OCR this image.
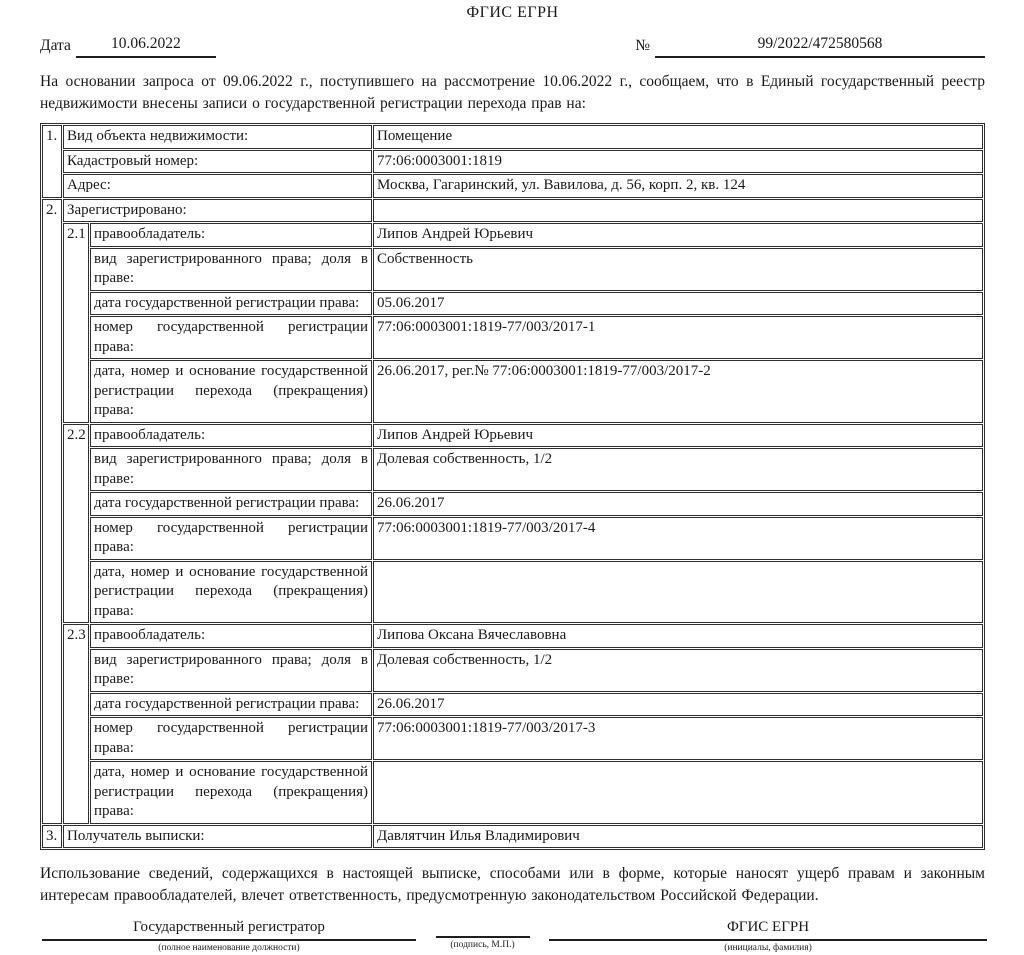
ФГИС ЕГРН
Дата	10.06.2022	№	99/2022/472580568
На основании запроса от 09.06.2022 г., поступившего на рассмотрение 10.06.2022 г., сообщаем, что в Единый государственный реестр недвижимости внесены записи о государственной регистрации перехода прав на:
1.	Вид объекта недвижимости:		Помещение
	Кадастровый номер:		77:06:0003001:1819
	Адрес:		Москва, Гагаринский, ул. Вавилова, д. 56, корп. 2, кв. 124
2.	Зарегистрировано:		
	2.1	правообладатель:	Липов Андрей Юрьевич
		вид зарегистрированного права; доля в праве:	Собственность
		дата государственной регистрации права:	05.06.2017
		номер государственной регистрации права:	77:06:0003001:1819-77/003/2017-1
		дата, номер и основание государственной регистрации перехода (прекращения) права:	26.06.2017, рег.№ 77:06:0003001:1819-77/003/2017-2
	2.2	правообладатель:	Липов Андрей Юрьевич
		вид зарегистрированного права; доля в праве:	Долевая собственность, 1/2
		дата государственной регистрации права:	26.06.2017
		номер государственной регистрации права:	77:06:0003001:1819-77/003/2017-4
		дата, номер и основание государственной регистрации перехода (прекращения) права:	
	2.3	правообладатель:	Липова Оксана Вячеславовна
		вид зарегистрированного права; доля в праве:	Долевая собственность, 1/2
		дата государственной регистрации права:	26.06.2017
		номер государственной регистрации права:	77:06:0003001:1819-77/003/2017-3
		дата, номер и основание государственной регистрации перехода (прекращения) права:	
3.	Получатель выписки:		Давлятчин Илья Владимирович
Использование сведений, содержащихся в настоящей выписке, способами или в форме, которые наносят ущерб правам и законным интересам правообладателей, влечет ответственность, предусмотренную законодательством Российской Федерации.
Государственный регистратор
(полное наименование должности)	(подпись, М.П.)
ФГИС ЕГРН
(инициалы, фамилия)
